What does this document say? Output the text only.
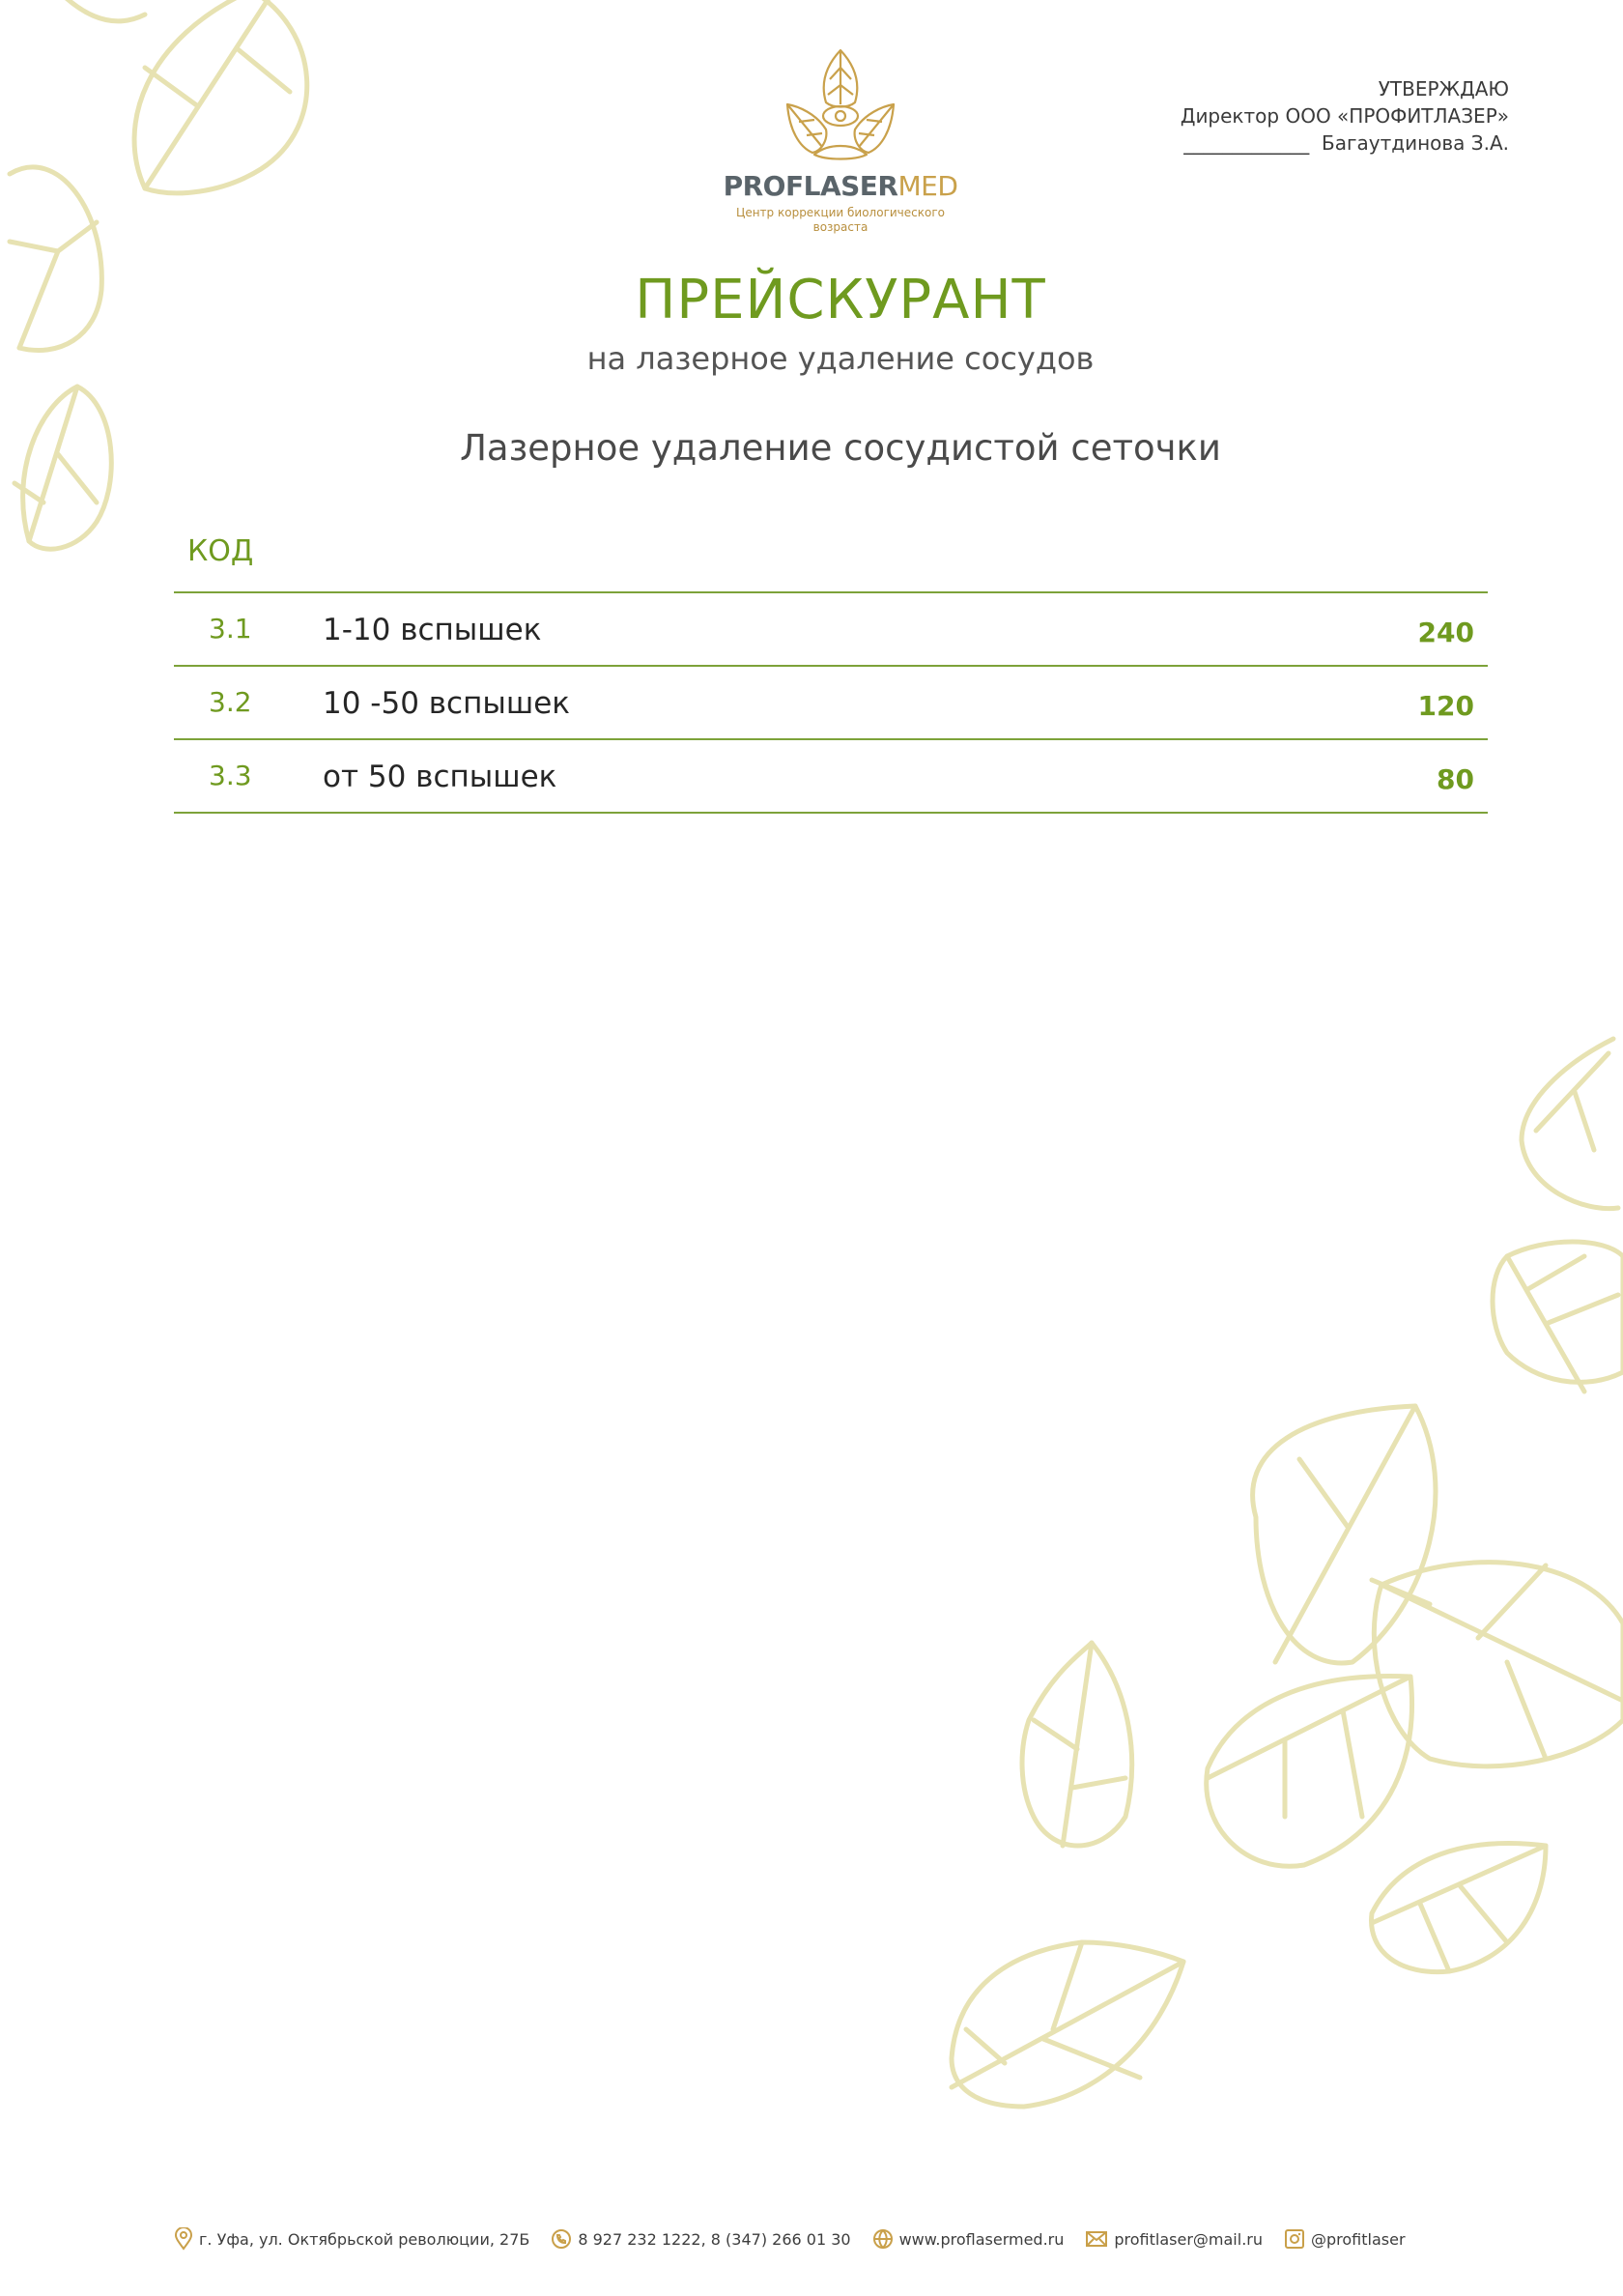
УТВЕРЖДАЮ
Директор ООО «ПРОФИТЛАЗЕР»
_____________ Багаутдинова З.А.
PROFLASERMED
Центр коррекции биологического
возраста
ПРЕЙСКУРАНТ
на лазерное удаление сосудов
Лазерное удаление сосудистой сеточки
КОД
3.1 1-10 вспышек	240
3.2 10 -50 вспышек	120
3.3 от 50 вспышек	80
г. Уфа, ул. Октябрьской революции, 27Б	8 927 232 1222, 8 (347) 266 01 30	www.proflasermed.ru	profitlaser@mail.ru	@profitlaser
